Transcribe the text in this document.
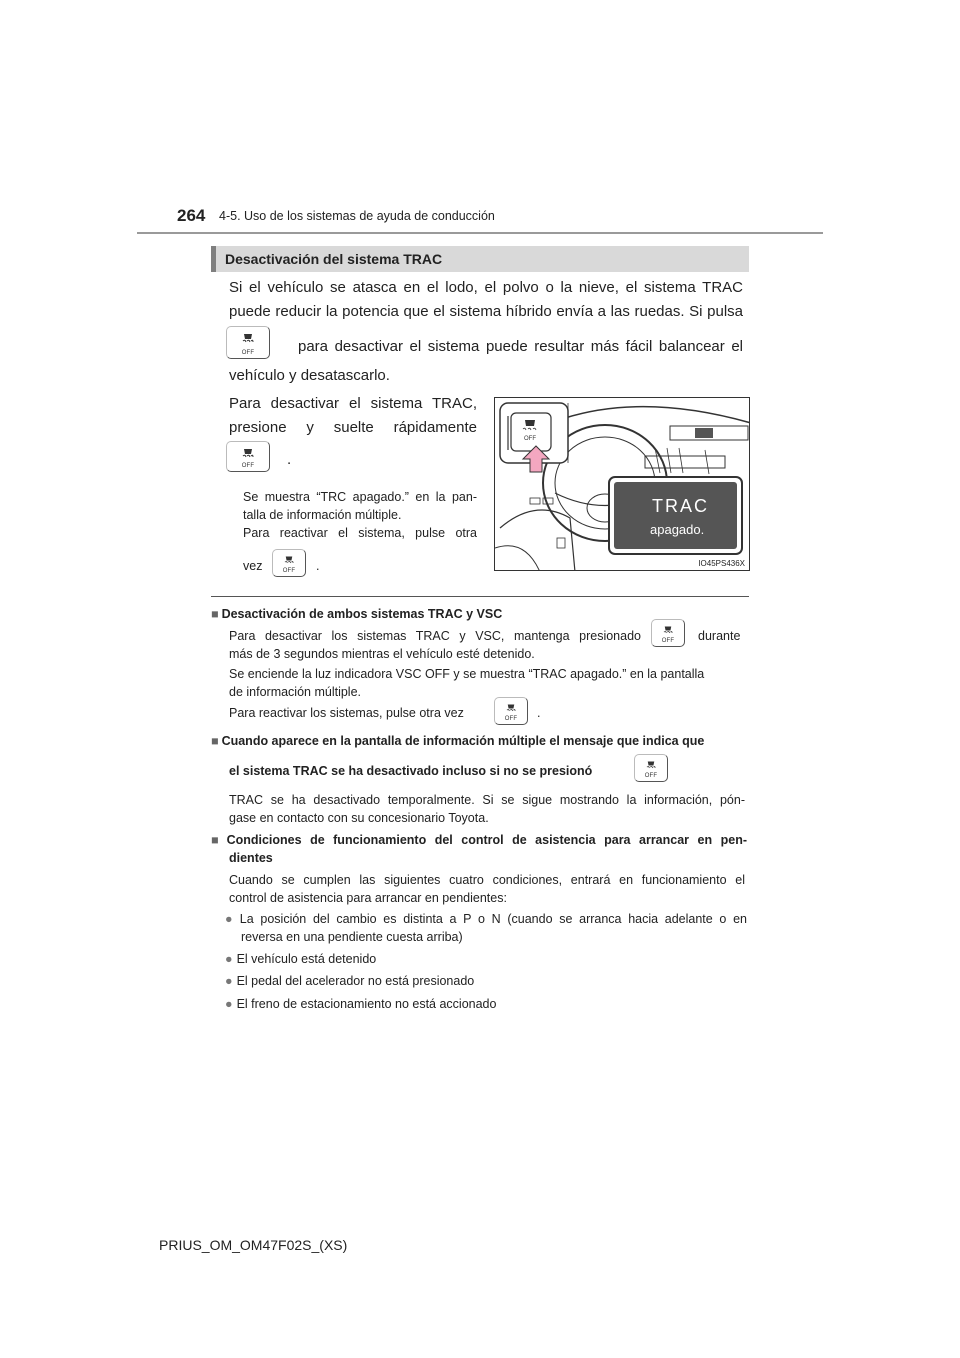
264 4-5. Uso de los sistemas de ayuda de conducción
Desactivación del sistema TRAC
Si el vehículo se atasca en el lodo, el polvo o la nieve, el sistema TRAC
puede reducir la potencia que el sistema híbrido envía a las ruedas. Si pulsa
OFF	para desactivar el sistema puede resultar más fácil balancear el
vehículo y desatascarlo.
Para desactivar el sistema TRAC,
presione y suelte rápidamente
OFF	.
Se muestra “TRC apagado.” en la pan-
talla de información múltiple.
Para reactivar el sistema, pulse otra
vez	OFF	.
OFF
TRAC
apagado.
IO45PS436X
■ Desactivación de ambos sistemas TRAC y VSC
Para desactivar los sistemas TRAC y VSC, mantenga presionado	OFF	durante
más de 3 segundos mientras el vehículo esté detenido.
Se enciende la luz indicadora VSC OFF y se muestra “TRAC apagado.” en la pantalla
de información múltiple.
Para reactivar los sistemas, pulse otra vez	OFF	.
■ Cuando aparece en la pantalla de información múltiple el mensaje que indica que
el sistema TRAC se ha desactivado incluso si no se presionó	OFF
TRAC se ha desactivado temporalmente. Si se sigue mostrando la información, pón-
gase en contacto con su concesionario Toyota.
■ Condiciones de funcionamiento del control de asistencia para arrancar en pen-
dientes
Cuando se cumplen las siguientes cuatro condiciones, entrará en funcionamiento el
control de asistencia para arrancar en pendientes:
● La posición del cambio es distinta a P o N (cuando se arranca hacia adelante o en
reversa en una pendiente cuesta arriba)
● El vehículo está detenido
● El pedal del acelerador no está presionado
● El freno de estacionamiento no está accionado
PRIUS_OM_OM47F02S_(XS)
